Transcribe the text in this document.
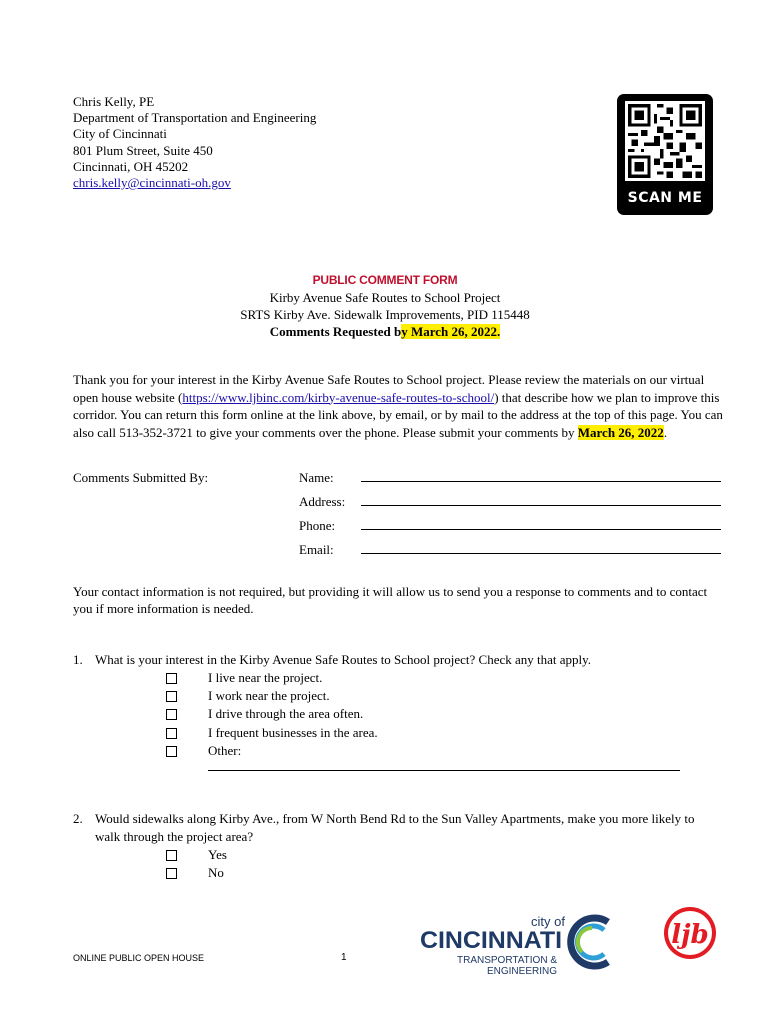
Chris Kelly, PE
Department of Transportation and Engineering
City of Cincinnati
801 Plum Street, Suite 450
Cincinnati, OH 45202
chris.kelly@cincinnati-oh.gov
SCAN ME
PUBLIC COMMENT FORM
Kirby Avenue Safe Routes to School Project
SRTS Kirby Ave. Sidewalk Improvements, PID 115448
Comments Requested by March 26, 2022.
Thank you for your interest in the Kirby Avenue Safe Routes to School project. Please review the materials on our virtual open house website (https://www.ljbinc.com/kirby-avenue-safe-routes-to-school/) that describe how we plan to improve this corridor. You can return this form online at the link above, by email, or by mail to the address at the top of this page. You can also call 513-352-3721 to give your comments over the phone. Please submit your comments by March 26, 2022.
Comments Submitted By:	Name:
Address:
Phone:
Email:
Your contact information is not required, but providing it will allow us to send you a response to comments and to contact you if more information is needed.
1. What is your interest in the Kirby Avenue Safe Routes to School project? Check any that apply.
I live near the project.
I work near the project.
I drive through the area often.
I frequent businesses in the area.
Other:
2. Would sidewalks along Kirby Ave., from W North Bend Rd to the Sun Valley Apartments, make you more likely to walk through the project area?
Yes
No
ONLINE PUBLIC OPEN HOUSE	1
city of
CINCINNATI
TRANSPORTATION &
ENGINEERING
ljb
